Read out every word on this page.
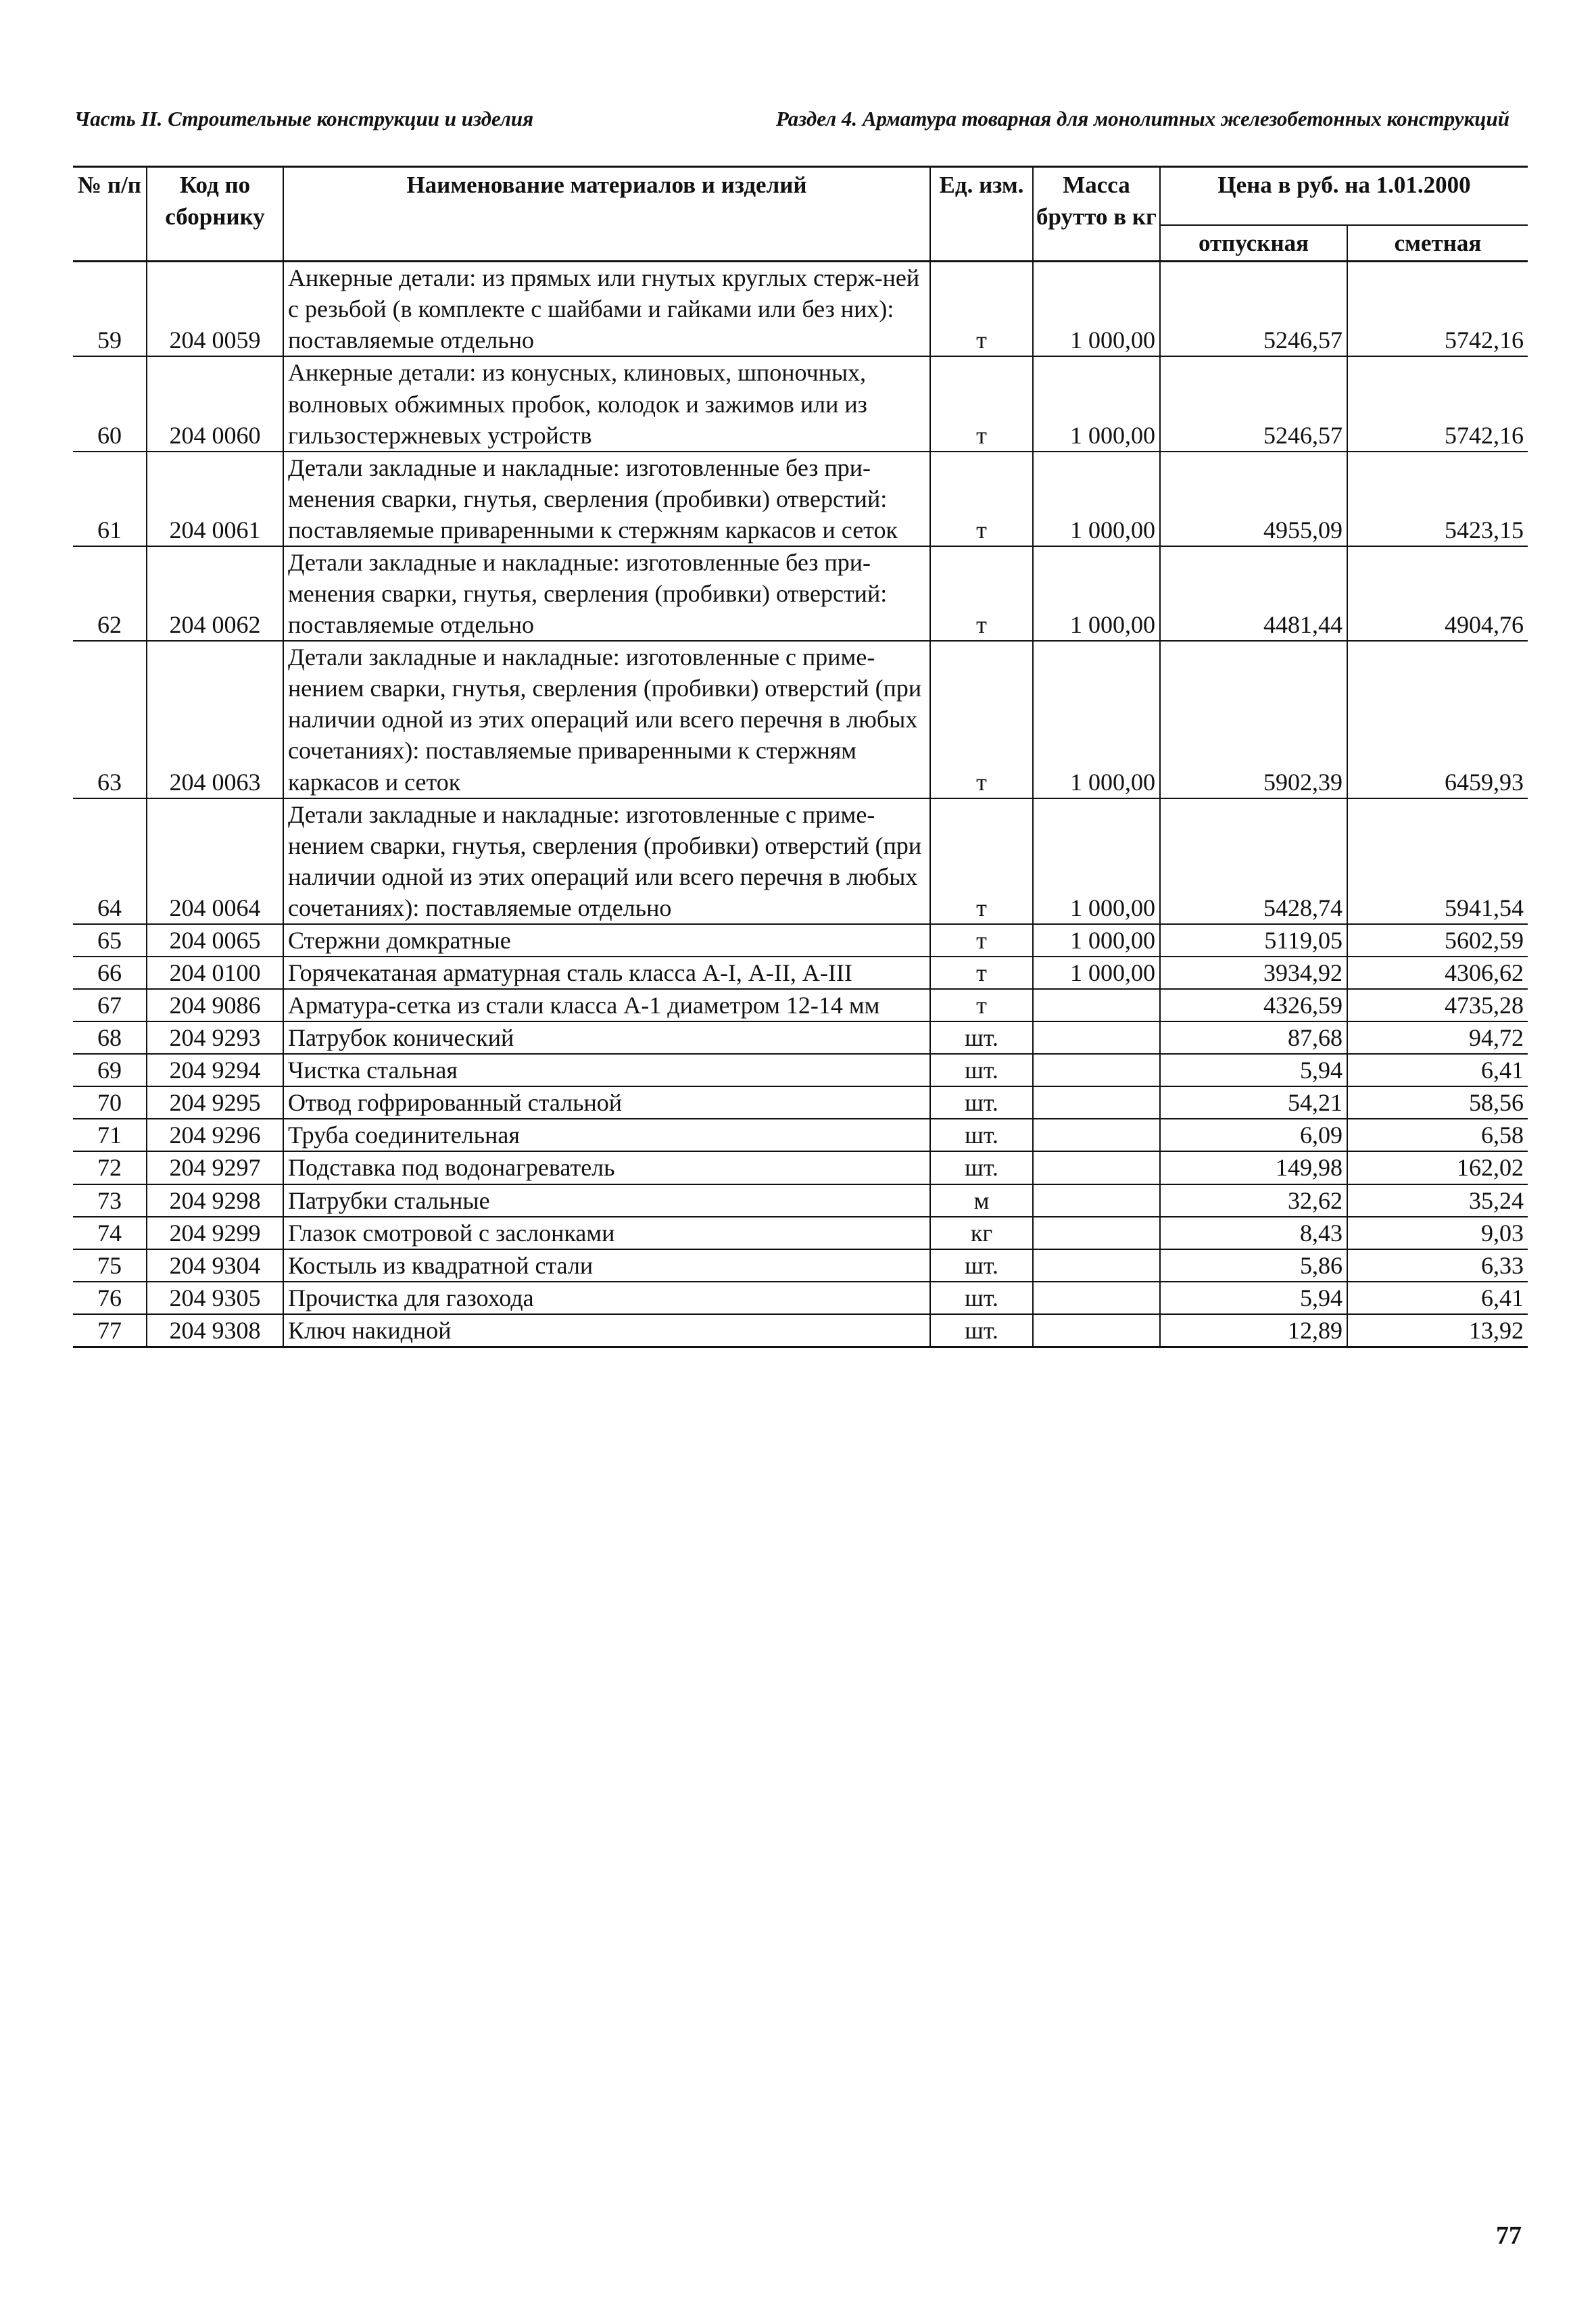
Часть II. Строительные конструкции и изделия	Раздел 4. Арматура товарная для монолитных железобетонных конструкций
№ п/п	Код по сборнику	Наименование материалов и изделий	Ед. изм.	Масса брутто в кг	Цена в руб. на 1.01.2000	
					отпускная	сметная
59	204 0059	Анкерные детали: из прямых или гнутых круглых стерж-ней с резьбой (в комплекте с шайбами и гайками или без них): поставляемые отдельно	т	1 000,00	5246,57	5742,16
60	204 0060	Анкерные детали: из конусных, клиновых, шпоночных, волновых обжимных пробок, колодок и зажимов или из гильзостержневых устройств	т	1 000,00	5246,57	5742,16
61	204 0061	Детали закладные и накладные: изготовленные без при-менения сварки, гнутья, сверления (пробивки) отверстий: поставляемые приваренными к стержням каркасов и сеток	т	1 000,00	4955,09	5423,15
62	204 0062	Детали закладные и накладные: изготовленные без при-менения сварки, гнутья, сверления (пробивки) отверстий: поставляемые отдельно	т	1 000,00	4481,44	4904,76
63	204 0063	Детали закладные и накладные: изготовленные с приме-нением сварки, гнутья, сверления (пробивки) отверстий (при наличии одной из этих операций или всего перечня в любых сочетаниях): поставляемые приваренными к стержням каркасов и сеток	т	1 000,00	5902,39	6459,93
64	204 0064	Детали закладные и накладные: изготовленные с приме-нением сварки, гнутья, сверления (пробивки) отверстий (при наличии одной из этих операций или всего перечня в любых сочетаниях): поставляемые отдельно	т	1 000,00	5428,74	5941,54
65	204 0065	Стержни домкратные	т	1 000,00	5119,05	5602,59
66	204 0100	Горячекатаная арматурная сталь класса А-I, А-II, А-III	т	1 000,00	3934,92	4306,62
67	204 9086	Арматура-сетка из стали класса А-1 диаметром 12-14 мм	т		4326,59	4735,28
68	204 9293	Патрубок конический	шт.		87,68	94,72
69	204 9294	Чистка стальная	шт.		5,94	6,41
70	204 9295	Отвод гофрированный стальной	шт.		54,21	58,56
71	204 9296	Труба соединительная	шт.		6,09	6,58
72	204 9297	Подставка под водонагреватель	шт.		149,98	162,02
73	204 9298	Патрубки стальные	м		32,62	35,24
74	204 9299	Глазок смотровой с заслонками	кг		8,43	9,03
75	204 9304	Костыль из квадратной стали	шт.		5,86	6,33
76	204 9305	Прочистка для газохода	шт.		5,94	6,41
77	204 9308	Ключ накидной	шт.		12,89	13,92
77
